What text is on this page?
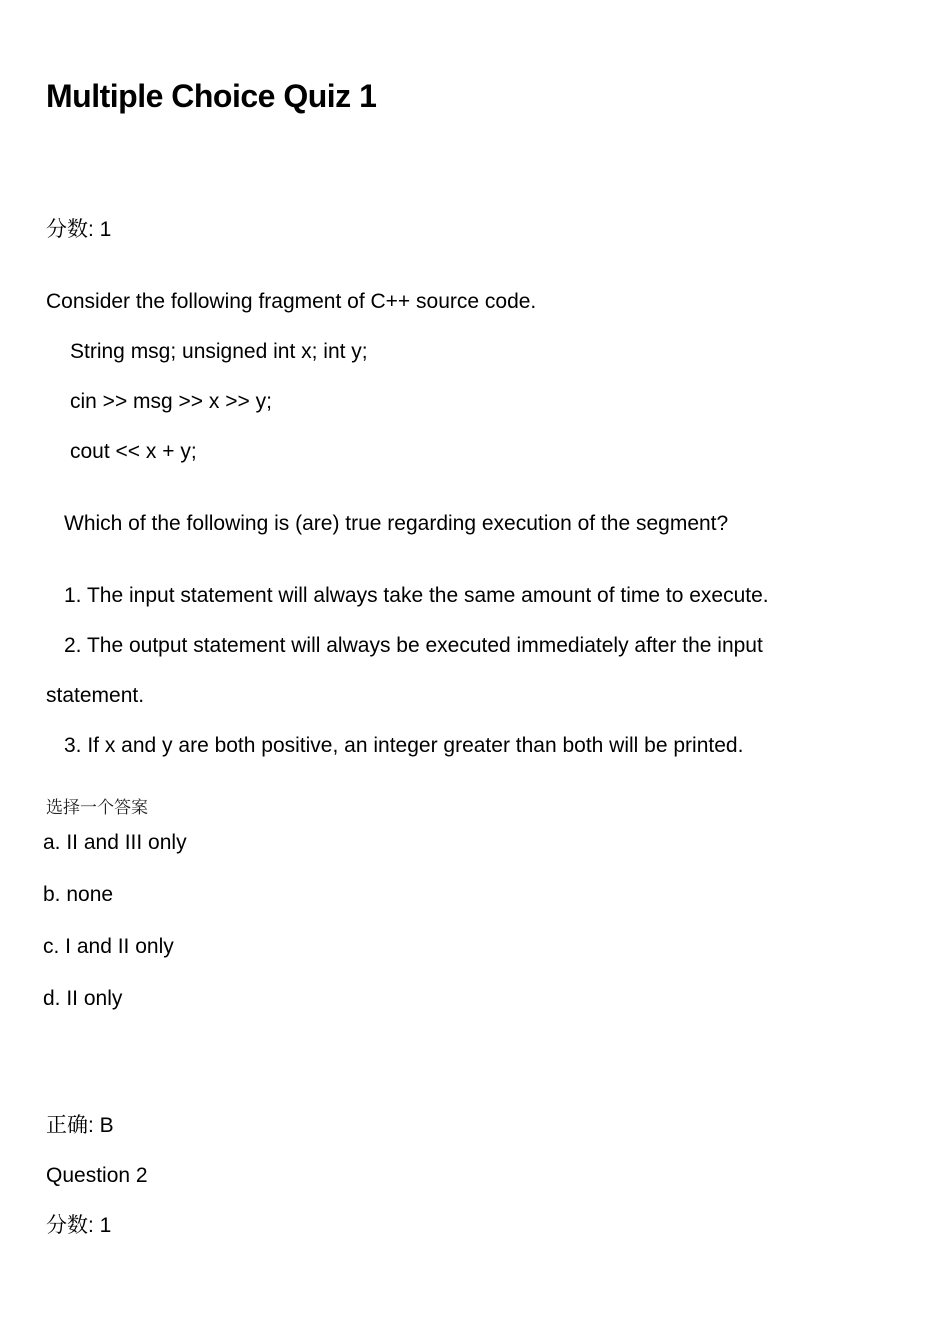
Multiple Choice Quiz 1
分数: 1
Consider the following fragment of C++ source code.
String msg; unsigned int x; int y;
cin >> msg >> x >> y;
cout << x + y;
Which of the following is (are) true regarding execution of the segment?
1. The input statement will always take the same amount of time to execute.
2. The output statement will always be executed immediately after the input
statement.
3. If x and y are both positive, an integer greater than both will be printed.
选择一个答案
a. II and III only
b. none
c. I and II only
d. II only
正确: B
Question 2
分数: 1
